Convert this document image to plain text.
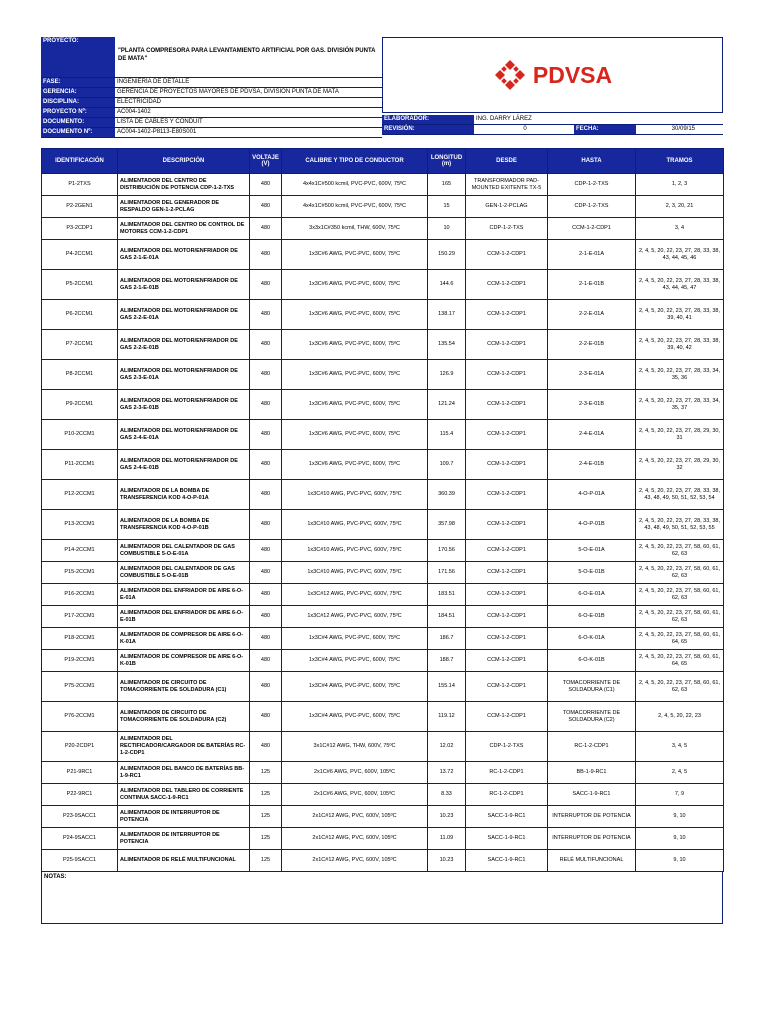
PROYECTO:
"PLANTA COMPRESORA PARA LEVANTAMIENTO ARTIFICIAL POR GAS. DIVISIÓN PUNTA DE MATA"
FASE:	INGENIERÍA DE DETALLE
GERENCIA:	GERENCIA DE PROYECTOS MAYORES DE PDVSA, DIVISIÓN PUNTA DE MATA
DISCIPLINA:	ELECTRICIDAD
PROYECTO Nº:	AC004-1402
DOCUMENTO:	LISTA DE CABLES Y CONDUIT
DOCUMENTO Nº:	AC004-1402-P8113-E80S001
PDVSA
ELABORADOR:	ING. DARRY LÁREZ
REVISIÓN:	0	FECHA:	30/09/15
IDENTIFICACIÓN	DESCRIPCIÓN	VOLTAJE (V)	CALIBRE Y TIPO DE CONDUCTOR	LONGITUD (m)	DESDE	HASTA	TRAMOS
P1-2TXS	ALIMENTADOR DEL CENTRO DE DISTRIBUCIÓN DE POTENCIA CDP-1-2-TXS	480	4x4x1C#500 kcmil, PVC-PVC, 600V, 75ºC	165	TRANSFORMADOR PAD-MOUNTED EXITENTE TX-5	CDP-1-2-TXS	1, 2, 3
P2-2GEN1	ALIMENTADOR DEL GENERADOR DE RESPALDO GEN-1-2-PCLAG	480	4x4x1C#500 kcmil, PVC-PVC, 600V, 75ºC	15	GEN-1-2-PCLAG	CDP-1-2-TXS	2, 3, 20, 21
P3-2CDP1	ALIMENTADOR DEL CENTRO DE CONTROL DE MOTORES CCM-1-2-CDP1	480	3x3x1C#350 kcmil, THW, 600V, 75ºC	10	CDP-1-2-TXS	CCM-1-2-CDP1	3, 4
P4-2CCM1	ALIMENTADOR DEL MOTOR/ENFRIADOR DE GAS 2-1-E-01A	480	1x3C#6 AWG, PVC-PVC, 600V, 75ºC	150.29	CCM-1-2-CDP1	2-1-E-01A	2, 4, 5, 20, 22, 23, 27, 28, 33, 38, 43, 44, 45, 46
P5-2CCM1	ALIMENTADOR DEL MOTOR/ENFRIADOR DE GAS 2-1-E-01B	480	1x3C#6 AWG, PVC-PVC, 600V, 75ºC	144.6	CCM-1-2-CDP1	2-1-E-01B	2, 4, 5, 20, 22, 23, 27, 28, 33, 38, 43, 44, 45, 47
P6-2CCM1	ALIMENTADOR DEL MOTOR/ENFRIADOR DE GAS 2-2-E-01A	480	1x3C#6 AWG, PVC-PVC, 600V, 75ºC	138.17	CCM-1-2-CDP1	2-2-E-01A	2, 4, 5, 20, 22, 23, 27, 28, 33, 38, 39, 40, 41
P7-2CCM1	ALIMENTADOR DEL MOTOR/ENFRIADOR DE GAS 2-2-E-01B	480	1x3C#6 AWG, PVC-PVC, 600V, 75ºC	135.54	CCM-1-2-CDP1	2-2-E-01B	2, 4, 5, 20, 22, 23, 27, 28, 33, 38, 39, 40, 42
P8-2CCM1	ALIMENTADOR DEL MOTOR/ENFRIADOR DE GAS 2-3-E-01A	480	1x3C#6 AWG, PVC-PVC, 600V, 75ºC	126.9	CCM-1-2-CDP1	2-3-E-01A	2, 4, 5, 20, 22, 23, 27, 28, 33, 34, 35, 36
P9-2CCM1	ALIMENTADOR DEL MOTOR/ENFRIADOR DE GAS 2-3-E-01B	480	1x3C#6 AWG, PVC-PVC, 600V, 75ºC	121.24	CCM-1-2-CDP1	2-3-E-01B	2, 4, 5, 20, 22, 23, 27, 28, 33, 34, 35, 37
P10-2CCM1	ALIMENTADOR DEL MOTOR/ENFRIADOR DE GAS 2-4-E-01A	480	1x3C#6 AWG, PVC-PVC, 600V, 75ºC	115.4	CCM-1-2-CDP1	2-4-E-01A	2, 4, 5, 20, 22, 23, 27, 28, 29, 30, 31
P11-2CCM1	ALIMENTADOR DEL MOTOR/ENFRIADOR DE GAS 2-4-E-01B	480	1x3C#6 AWG, PVC-PVC, 600V, 75ºC	109.7	CCM-1-2-CDP1	2-4-E-01B	2, 4, 5, 20, 22, 23, 27, 28, 29, 30, 32
P12-2CCM1	ALIMENTADOR DE LA BOMBA DE TRANSFERENCIA KOD 4-O-P-01A	480	1x3C#10 AWG, PVC-PVC, 600V, 75ºC	360.39	CCM-1-2-CDP1	4-O-P-01A	2, 4, 5, 20, 22, 23, 27, 28, 33, 38, 43, 48, 49, 50, 51, 52, 53, 54
P13-2CCM1	ALIMENTADOR DE LA BOMBA DE TRANSFERENCIA KOD 4-O-P-01B	480	1x3C#10 AWG, PVC-PVC, 600V, 75ºC	357.98	CCM-1-2-CDP1	4-O-P-01B	2, 4, 5, 20, 22, 23, 27, 28, 33, 38, 43, 48, 49, 50, 51, 52, 53, 55
P14-2CCM1	ALIMENTADOR DEL CALENTADOR DE GAS COMBUSTIBLE 5-O-E-01A	480	1x3C#10 AWG, PVC-PVC, 600V, 75ºC	170.56	CCM-1-2-CDP1	5-O-E-01A	2, 4, 5, 20, 22, 23, 27, 58, 60, 61, 62, 63
P15-2CCM1	ALIMENTADOR DEL CALENTADOR DE GAS COMBUSTIBLE 5-O-E-01B	480	1x3C#10 AWG, PVC-PVC, 600V, 75ºC	171.56	CCM-1-2-CDP1	5-O-E-01B	2, 4, 5, 20, 22, 23, 27, 58, 60, 61, 62, 63
P16-2CCM1	ALIMENTADOR DEL ENFRIADOR DE AIRE 6-O-E-01A	480	1x3C#12 AWG, PVC-PVC, 600V, 75ºC	183.51	CCM-1-2-CDP1	6-O-E-01A	2, 4, 5, 20, 22, 23, 27, 58, 60, 61, 62, 63
P17-2CCM1	ALIMENTADOR DEL ENFRIADOR DE AIRE 6-O-E-01B	480	1x3C#12 AWG, PVC-PVC, 600V, 75ºC	184.51	CCM-1-2-CDP1	6-O-E-01B	2, 4, 5, 20, 22, 23, 27, 58, 60, 61, 62, 63
P18-2CCM1	ALIMENTADOR DE COMPRESOR DE AIRE 6-O-K-01A	480	1x3C#4 AWG, PVC-PVC, 600V, 75ºC	186.7	CCM-1-2-CDP1	6-O-K-01A	2, 4, 5, 20, 22, 23, 27, 58, 60, 61, 64, 65
P19-2CCM1	ALIMENTADOR DE COMPRESOR DE AIRE 6-O-K-01B	480	1x3C#4 AWG, PVC-PVC, 600V, 75ºC	188.7	CCM-1-2-CDP1	6-O-K-01B	2, 4, 5, 20, 22, 23, 27, 58, 60, 61, 64, 65
P75-2CCM1	ALIMENTADOR DE CIRCUITO DE TOMACORRIENTE DE SOLDADURA (C1)	480	1x3C#4 AWG, PVC-PVC, 600V, 75ºC	155.14	CCM-1-2-CDP1	TOMACORRIENTE DE SOLDADURA (C1)	2, 4, 5, 20, 22, 23, 27, 58, 60, 61, 62, 63
P76-2CCM1	ALIMENTADOR DE CIRCUITO DE TOMACORRIENTE DE SOLDADURA (C2)	480	1x3C#4 AWG, PVC-PVC, 600V, 75ºC	119.12	CCM-1-2-CDP1	TOMACORRIENTE DE SOLDADURA (C2)	2, 4, 5, 20, 22, 23
P20-2CDP1	ALIMENTADOR DEL RECTIFICADOR/CARGADOR DE BATERÍAS RC-1-2-CDP1	480	3x1C#12 AWG, THW, 600V, 75ºC	12.02	CDP-1-2-TXS	RC-1-2-CDP1	3, 4, 5
P21-9RC1	ALIMENTADOR DEL BANCO DE BATERÍAS BB-1-9-RC1	125	2x1C#6 AWG, PVC, 600V, 105ºC	13.72	RC-1-2-CDP1	BB-1-9-RC1	2, 4, 5
P22-9RC1	ALIMENTADOR DEL TABLERO DE CORRIENTE CONTINUA SACC-1-9-RC1	125	2x1C#6 AWG, PVC, 600V, 105ºC	8.33	RC-1-2-CDP1	SACC-1-9-RC1	7, 9
P23-9SACC1	ALIMENTADOR DE INTERRUPTOR DE POTENCIA	125	2x1C#12 AWG, PVC, 600V, 105ºC	10.23	SACC-1-9-RC1	INTERRUPTOR DE POTENCIA	9, 10
P24-9SACC1	ALIMENTADOR DE INTERRUPTOR DE POTENCIA	125	2x1C#12 AWG, PVC, 600V, 105ºC	11.09	SACC-1-9-RC1	INTERRUPTOR DE POTENCIA	9, 10
P25-9SACC1	ALIMENTADOR DE RELÉ MULTIFUNCIONAL	125	2x1C#12 AWG, PVC, 600V, 105ºC	10.23	SACC-1-9-RC1	RELÉ MULTIFUNCIONAL	9, 10
NOTAS:
